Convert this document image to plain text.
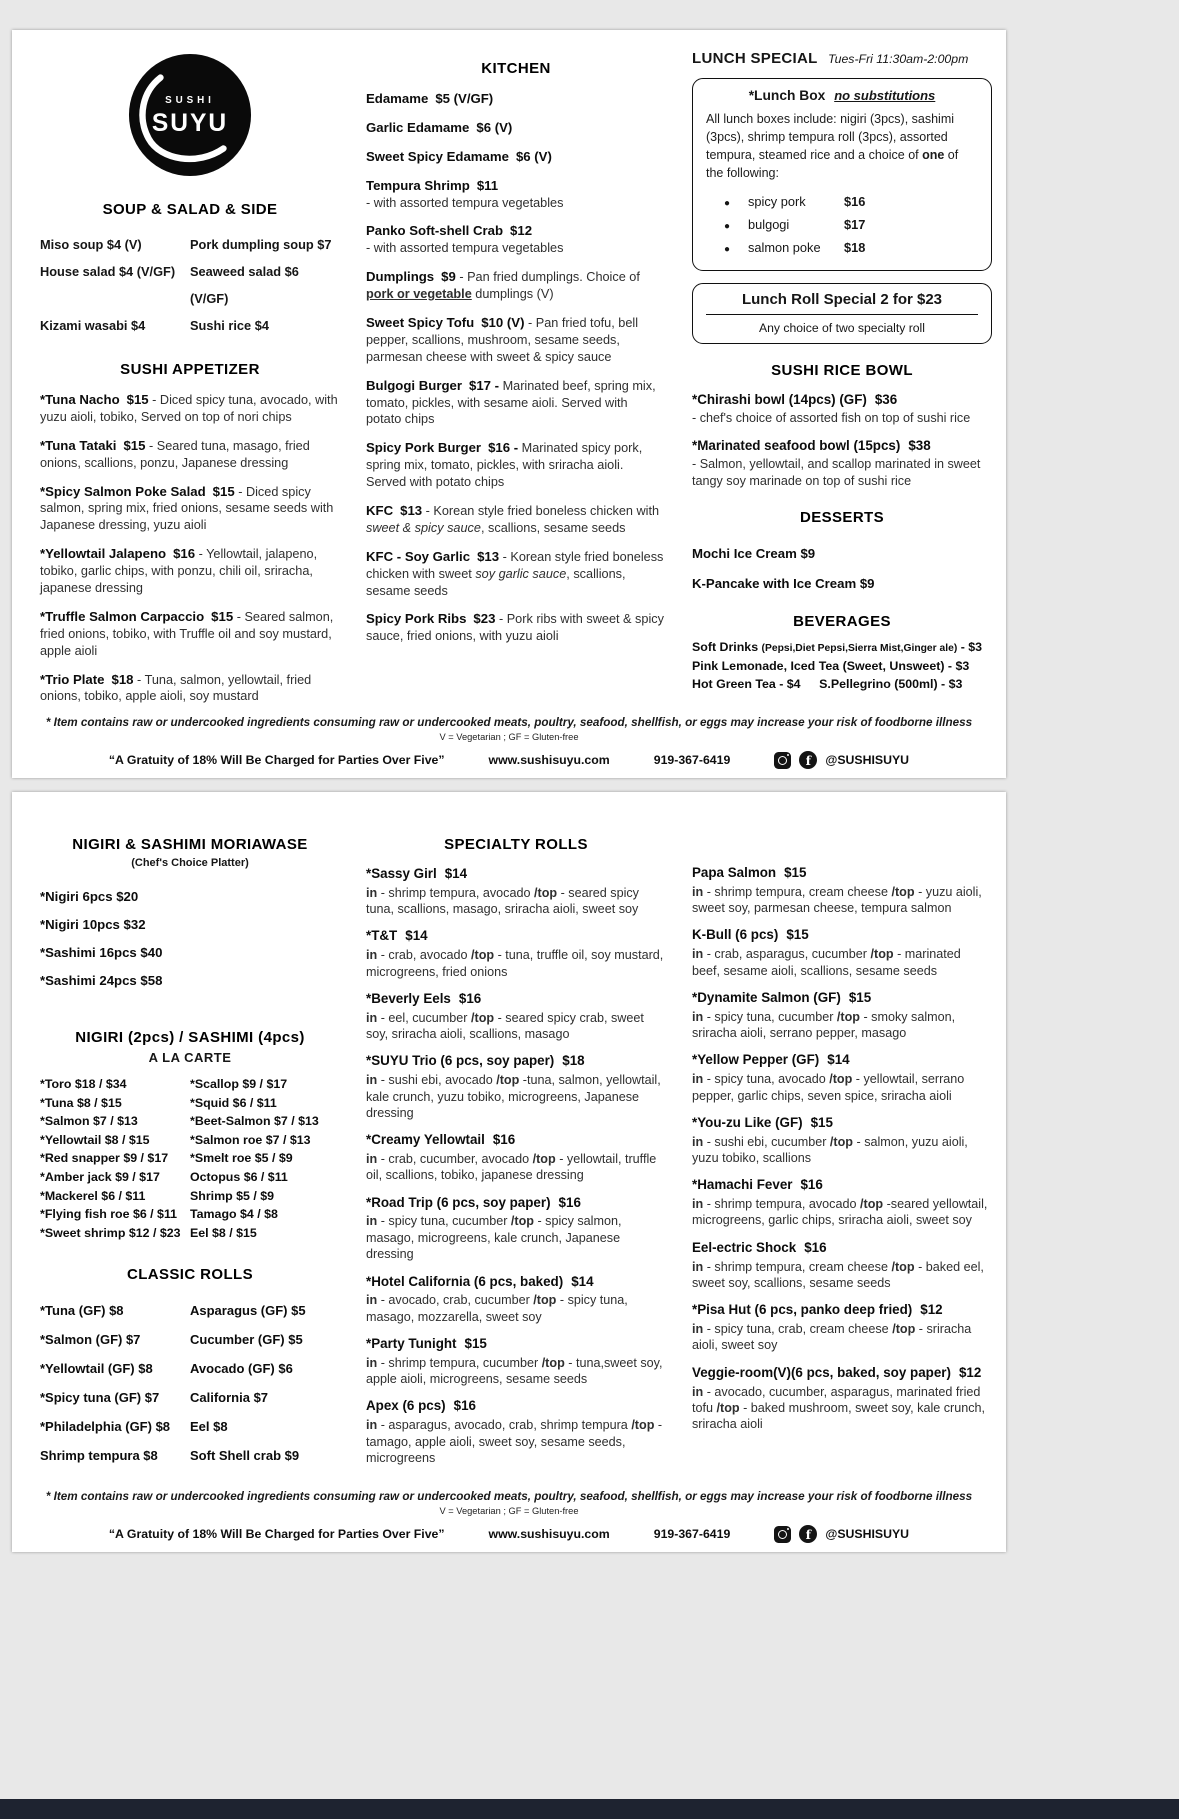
SUSHI
SUYU
SOUP & SALAD & SIDE
Miso soup $4 (V)	Pork dumpling soup $7
House salad $4 (V/GF)	Seaweed salad $6 (V/GF)
Kizami wasabi $4	Sushi rice $4
SUSHI APPETIZER

*Tuna Nacho $15 - Diced spicy tuna, avocado, with yuzu aioli, tobiko, Served on top of nori chips

*Tuna Tataki $15 - Seared tuna, masago, fried onions, scallions, ponzu, Japanese dressing

*Spicy Salmon Poke Salad $15 - Diced spicy salmon, spring mix, fried onions, sesame seeds with Japanese dressing, yuzu aioli

*Yellowtail Jalapeno $16 - Yellowtail, jalapeno, tobiko, garlic chips, with ponzu, chili oil, sriracha, japanese dressing

*Truffle Salmon Carpaccio $15 - Seared salmon, fried onions, tobiko, with Truffle oil and soy mustard, apple aioli

*Trio Plate $18 - Tuna, salmon, yellowtail, fried onions, tobiko, apple aioli, soy mustard

KITCHEN

Edamame $5 (V/GF)

Garlic Edamame $6 (V)

Sweet Spicy Edamame $6 (V)

Tempura Shrimp $11
- with assorted tempura vegetables

Panko Soft-shell Crab $12
- with assorted tempura vegetables

Dumplings $9 - Pan fried dumplings. Choice of pork or vegetable dumplings (V)

Sweet Spicy Tofu $10 (V) - Pan fried tofu, bell pepper, scallions, mushroom, sesame seeds, parmesan cheese with sweet & spicy sauce

Bulgogi Burger $17 - Marinated beef, spring mix, tomato, pickles, with sesame aioli. Served with potato chips

Spicy Pork Burger $16 - Marinated spicy pork, spring mix, tomato, pickles, with sriracha aioli. Served with potato chips

KFC $13 - Korean style fried boneless chicken with sweet & spicy sauce, scallions, sesame seeds

KFC - Soy Garlic $13 - Korean style fried boneless chicken with sweet soy garlic sauce, scallions, sesame seeds

Spicy Pork Ribs $23 - Pork ribs with sweet & spicy sauce, fried onions, with yuzu aioli

LUNCH SPECIAL Tues-Fri 11:30am-2:00pm
*Lunch Box no substitutions

All lunch boxes include: nigiri (3pcs), sashimi (3pcs), shrimp tempura roll (3pcs), assorted tempura, steamed rice and a choice of one of the following:

●	spicy pork	$16
●	bulgogi	$17
●	salmon poke	$18
Lunch Roll Special 2 for $23
Any choice of two specialty roll
SUSHI RICE BOWL
*Chirashi bowl (14pcs) (GF) $36
- chef's choice of assorted fish on top of sushi rice
*Marinated seafood bowl (15pcs) $38
- Salmon, yellowtail, and scallop marinated in sweet tangy soy marinade on top of sushi rice
DESSERTS
Mochi Ice Cream $9
K-Pancake with Ice Cream $9
BEVERAGES
Soft Drinks (Pepsi,Diet Pepsi,Sierra Mist,Ginger ale) - $3
Pink Lemonade, Iced Tea (Sweet, Unsweet) - $3
Hot Green Tea - $4  S.Pellegrino (500ml) - $3

* Item contains raw or undercooked ingredients consuming raw or undercooked meats, poultry, seafood, shellfish, or eggs may increase your risk of foodborne illness

V = Vegetarian ; GF = Gluten-free

“A Gratuity of 18% Will Be Charged for Parties Over Five”	www.sushisuyu.com	919-367-6419 f	@SUSHISUYU
NIGIRI & SASHIMI MORIAWASE
(Chef's Choice Platter)
*Nigiri 6pcs $20
*Nigiri 10pcs $32
*Sashimi 16pcs $40
*Sashimi 24pcs $58
NIGIRI (2pcs) / SASHIMI (4pcs)
A LA CARTE
*Toro $18 / $34	*Scallop $9 / $17
*Tuna $8 / $15	*Squid $6 / $11
*Salmon $7 / $13	*Beet-Salmon $7 / $13
*Yellowtail $8 / $15	*Salmon roe $7 / $13
*Red snapper $9 / $17	*Smelt roe $5 / $9
*Amber jack $9 / $17	Octopus $6 / $11
*Mackerel $6 / $11	Shrimp $5 / $9
*Flying fish roe $6 / $11	Tamago $4 / $8
*Sweet shrimp $12 / $23 Eel $8 / $15
CLASSIC ROLLS
*Tuna (GF) $8	Asparagus (GF) $5
*Salmon (GF) $7	Cucumber (GF) $5
*Yellowtail (GF) $8	Avocado (GF) $6
*Spicy tuna (GF) $7	California $7
*Philadelphia (GF) $8	Eel $8
Shrimp tempura $8	Soft Shell crab $9
SPECIALTY ROLLS
*Sassy Girl $14
in - shrimp tempura, avocado /top - seared spicy tuna, scallions, masago, sriracha aioli, sweet soy
*T&T $14
in - crab, avocado /top - tuna, truffle oil, soy mustard, microgreens, fried onions
*Beverly Eels $16
in - eel, cucumber /top - seared spicy crab, sweet soy, sriracha aioli, scallions, masago
*SUYU Trio (6 pcs, soy paper) $18
in - sushi ebi, avocado /top -tuna, salmon, yellowtail, kale crunch, yuzu tobiko, microgreens, Japanese dressing
*Creamy Yellowtail $16
in - crab, cucumber, avocado /top - yellowtail, truffle oil, scallions, tobiko, japanese dressing
*Road Trip (6 pcs, soy paper) $16
in - spicy tuna, cucumber /top - spicy salmon, masago, microgreens, kale crunch, Japanese dressing
*Hotel California (6 pcs, baked) $14
in - avocado, crab, cucumber /top - spicy tuna, masago, mozzarella, sweet soy
*Party Tunight $15
in - shrimp tempura, cucumber /top - tuna,sweet soy, apple aioli, microgreens, sesame seeds
Apex (6 pcs) $16
in - asparagus, avocado, crab, shrimp tempura /top - tamago, apple aioli, sweet soy, sesame seeds, microgreens
Papa Salmon $15
in - shrimp tempura, cream cheese /top - yuzu aioli, sweet soy, parmesan cheese, tempura salmon
K-Bull (6 pcs) $15
in - crab, asparagus, cucumber /top - marinated beef, sesame aioli, scallions, sesame seeds
*Dynamite Salmon (GF) $15
in - spicy tuna, cucumber /top - smoky salmon, sriracha aioli, serrano pepper, masago
*Yellow Pepper (GF) $14
in - spicy tuna, avocado /top - yellowtail, serrano pepper, garlic chips, seven spice, sriracha aioli
*You-zu Like (GF) $15
in - sushi ebi, cucumber /top - salmon, yuzu aioli, yuzu tobiko, scallions
*Hamachi Fever $16
in - shrimp tempura, avocado /top -seared yellowtail, microgreens, garlic chips, sriracha aioli, sweet soy
Eel-ectric Shock $16
in - shrimp tempura, cream cheese /top - baked eel, sweet soy, scallions, sesame seeds
*Pisa Hut (6 pcs, panko deep fried) $12
in - spicy tuna, crab, cream cheese /top - sriracha aioli, sweet soy
Veggie-room(V)(6 pcs, baked, soy paper) $12
in - avocado, cucumber, asparagus, marinated fried tofu /top - baked mushroom, sweet soy, kale crunch, sriracha aioli

* Item contains raw or undercooked ingredients consuming raw or undercooked meats, poultry, seafood, shellfish, or eggs may increase your risk of foodborne illness

V = Vegetarian ; GF = Gluten-free

“A Gratuity of 18% Will Be Charged for Parties Over Five”	www.sushisuyu.com	919-367-6419 f	@SUSHISUYU
